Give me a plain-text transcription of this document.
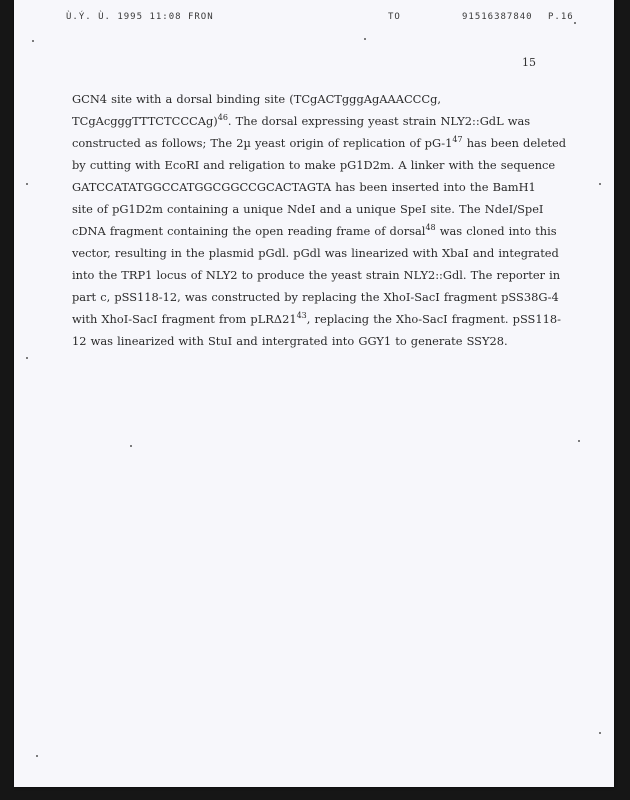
Ù.Ý. Ù. 1995 11:08 FRON	TO	91516387840 P.16
15
GCN4 site with a dorsal binding site (TCgACTgggAgAAACCCg,
TCgAcgggTTTCTCCCAg)$^{46}$. The dorsal expressing yeast strain NLY2::GdL was
constructed as follows; The 2µ yeast origin of replication of $pG-1^{47}$ has been deleted
by cutting with EcoRI and religation to make pG1D2m. A linker with the sequence
GATCCATATGGCCATGGCGGCCGCACTAGTA has been inserted into the BamH1
site of pG1D2m containing a unique NdeI and a unique SpeI site. The NdeI/SpeI
cDNA fragment containing the open reading frame of dorsal$^{48}$ was cloned into this
vector, resulting in the plasmid pGdl. pGdl was linearized with XbaI and integrated
into the TRP1 locus of NLY2 to produce the yeast strain NLY2::Gdl. The reporter in
part c, pSS118-12, was constructed by replacing the XhoI-SacI fragment pSS38G-4
with XhoI-SacI fragment from $pLR\Delta 21^{43}$, replacing the Xho-SacI fragment. pSS118-
12 was linearized with StuI and intergrated into GGY1 to generate SSY28.
